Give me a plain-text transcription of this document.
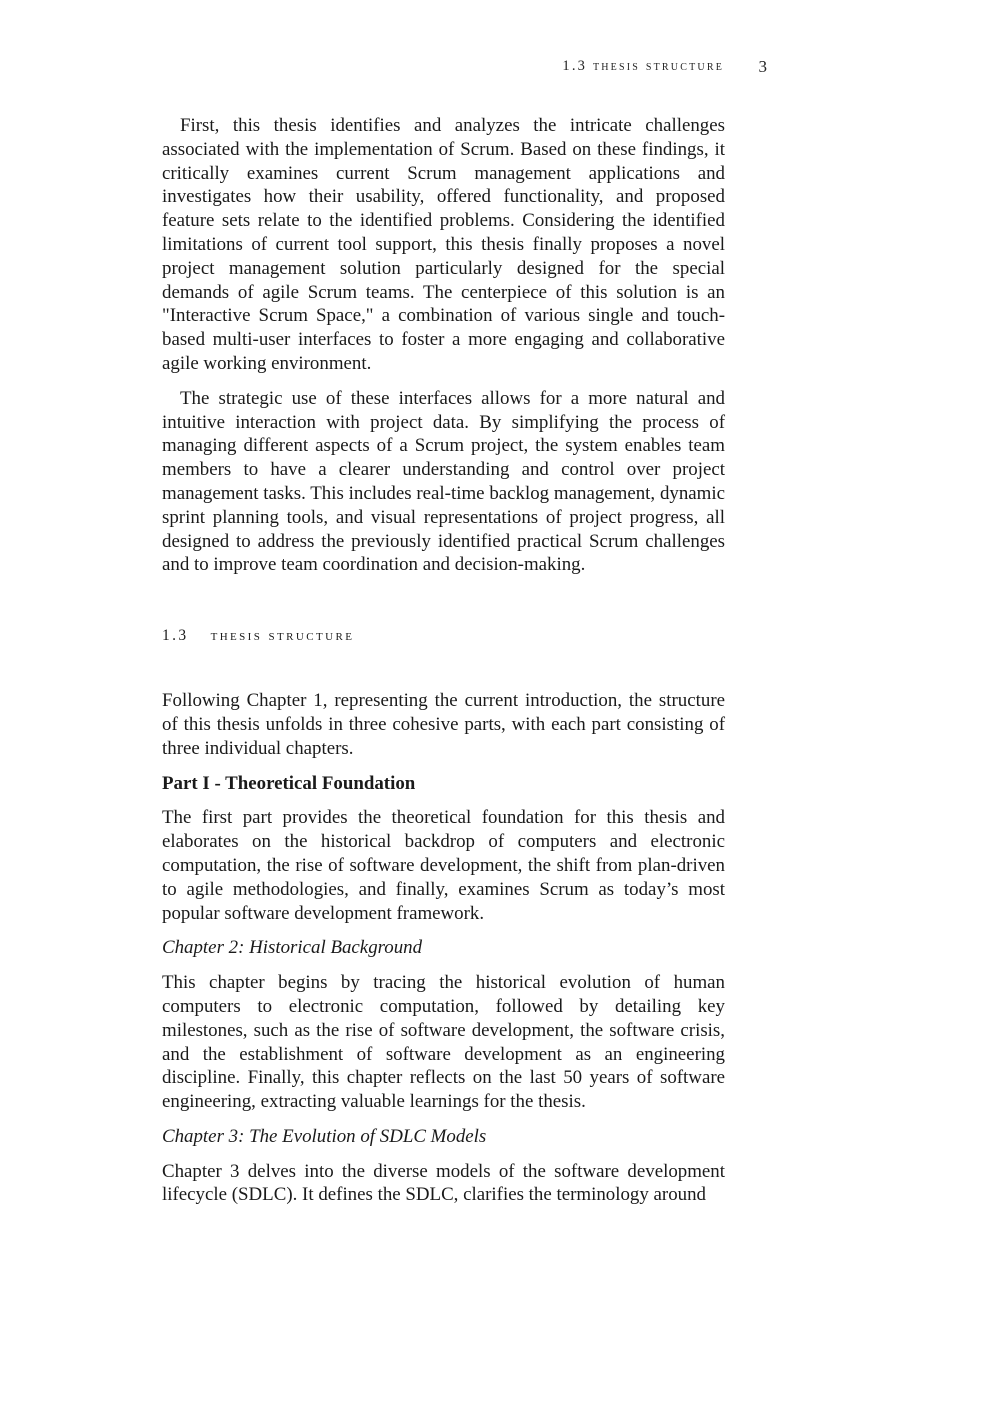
1.3 thesis structure 3

First, this thesis identifies and analyzes the intricate challenges associated with the implementation of Scrum. Based on these findings, it critically examines current Scrum management applications and investigates how their usability, offered functionality, and proposed feature sets relate to the identified problems. Considering the identified limitations of current tool support, this thesis finally proposes a novel project management solution particularly designed for the special demands of agile Scrum teams. The centerpiece of this solution is an "Interactive Scrum Space," a combination of various single and touch-based multi-user interfaces to foster a more engaging and collaborative agile working environment.

The strategic use of these interfaces allows for a more natural and intuitive interaction with project data. By simplifying the process of managing different aspects of a Scrum project, the system enables team members to have a clearer understanding and control over project management tasks. This includes real-time backlog management, dynamic sprint planning tools, and visual representations of project progress, all designed to address the previously identified practical Scrum challenges and to improve team coordination and decision-making.

1.3 thesis structure

Following Chapter 1, representing the current introduction, the structure of this thesis unfolds in three cohesive parts, with each part consisting of three individual chapters.

Part I - Theoretical Foundation

The first part provides the theoretical foundation for this thesis and elaborates on the historical backdrop of computers and electronic computation, the rise of software development, the shift from plan-driven to agile methodologies, and finally, examines Scrum as today’s most popular software development framework.

Chapter 2: Historical Background

This chapter begins by tracing the historical evolution of human computers to electronic computation, followed by detailing key milestones, such as the rise of software development, the software crisis, and the establishment of software development as an engineering discipline. Finally, this chapter reflects on the last 50 years of software engineering, extracting valuable learnings for the thesis.

Chapter 3: The Evolution of SDLC Models

Chapter 3 delves into the diverse models of the software development lifecycle (SDLC). It defines the SDLC, clarifies the terminology around
